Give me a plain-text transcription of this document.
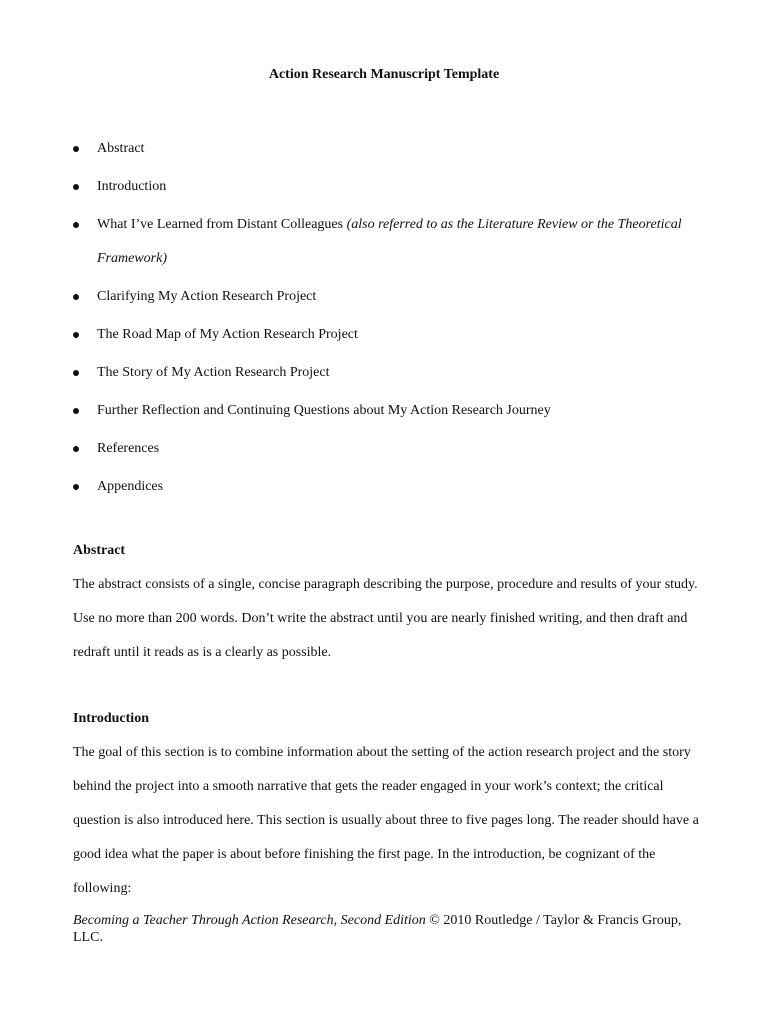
Action Research Manuscript Template
Abstract
Introduction
What I’ve Learned from Distant Colleagues (also referred to as the Literature Review or the Theoretical Framework)
Clarifying My Action Research Project
The Road Map of My Action Research Project
The Story of My Action Research Project
Further Reflection and Continuing Questions about My Action Research Journey
References
Appendices
Abstract

The abstract consists of a single, concise paragraph describing the purpose, procedure and results of your study. Use no more than 200 words. Don’t write the abstract until you are nearly finished writing, and then draft and redraft until it reads as is a clearly as possible.

Introduction

The goal of this section is to combine information about the setting of the action research project and the story behind the project into a smooth narrative that gets the reader engaged in your work’s context; the critical question is also introduced here. This section is usually about three to five pages long. The reader should have a good idea what the paper is about before finishing the first page. In the introduction, be cognizant of the following:

Becoming a Teacher Through Action Research, Second Edition © 2010 Routledge / Taylor & Francis Group, LLC.
